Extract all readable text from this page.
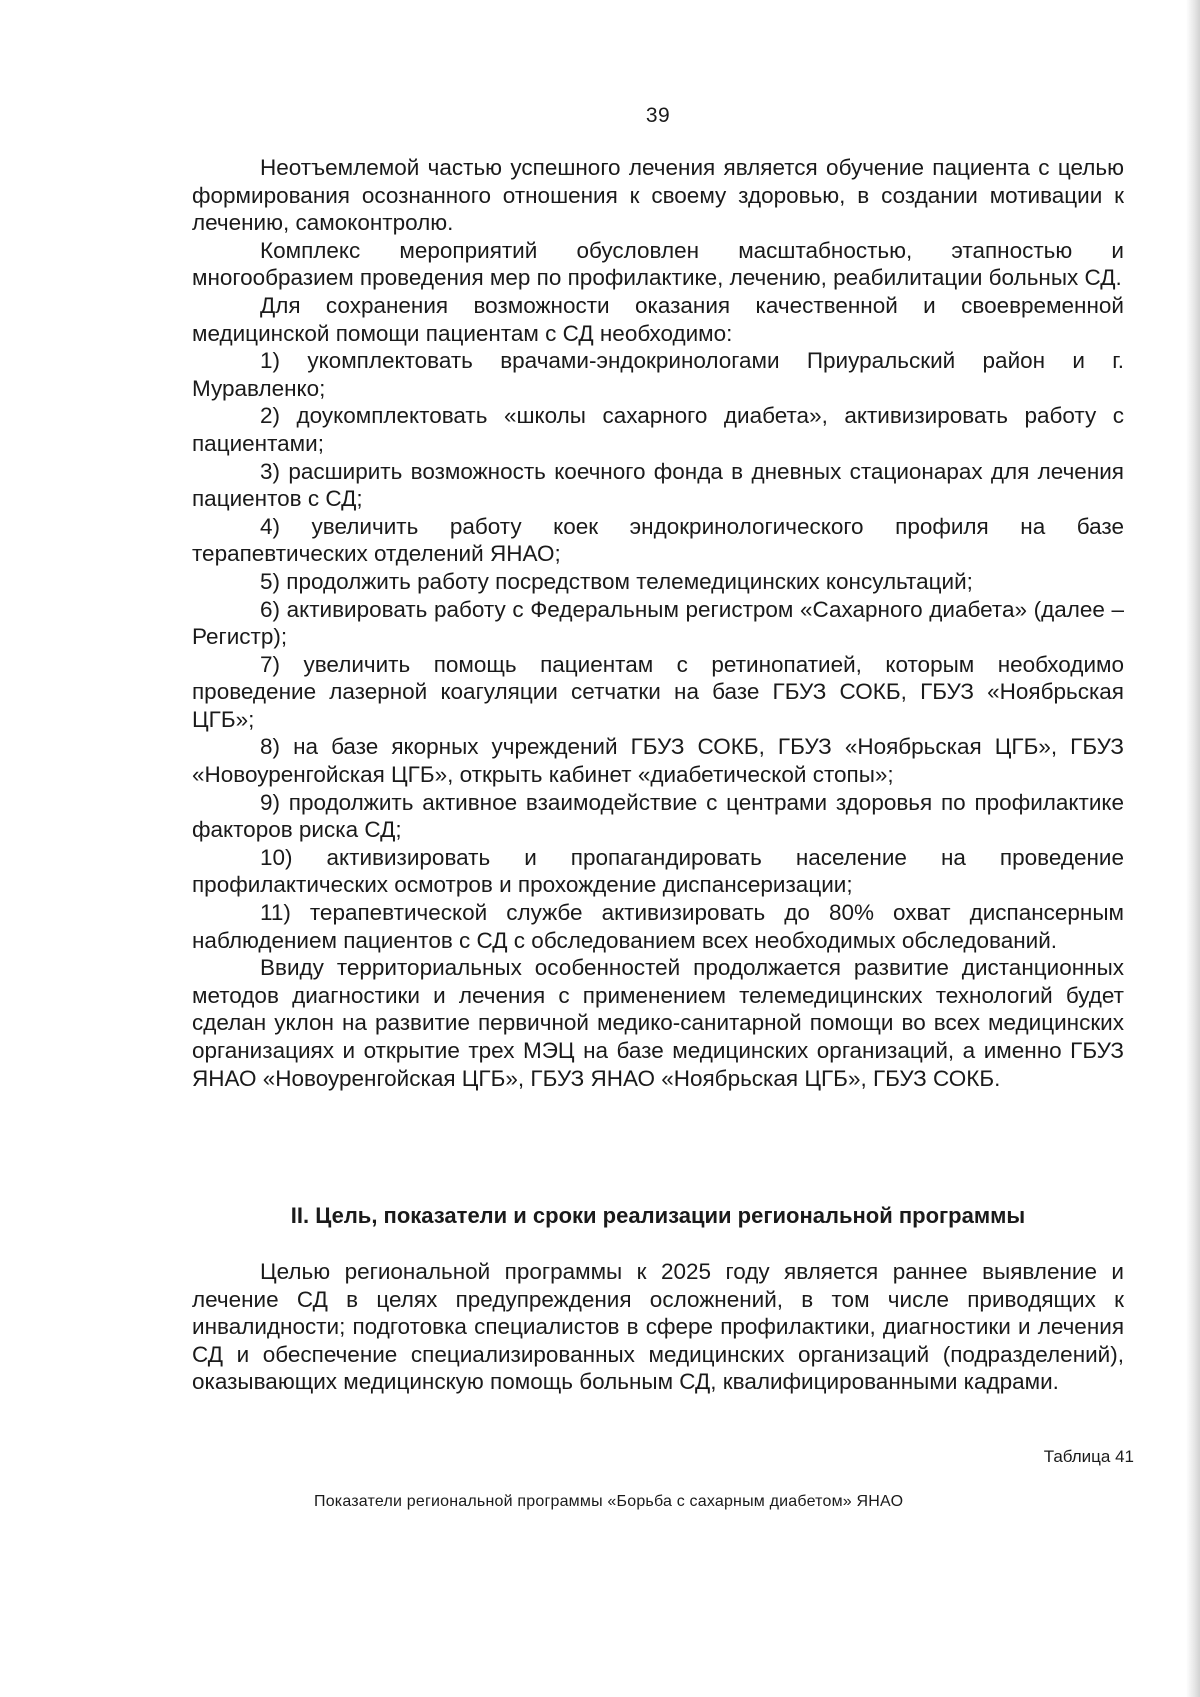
39

Неотъемлемой частью успешного лечения является обучение пациента с целью формирования осознанного отношения к своему здоровью, в создании мотивации к лечению, самоконтролю.

Комплекс мероприятий обусловлен масштабностью, этапностью и многообразием проведения мер по профилактике, лечению, реабилитации больных СД.

Для сохранения возможности оказания качественной и своевременной медицинской помощи пациентам с СД необходимо:

1) укомплектовать врачами-эндокринологами Приуральский район и г. Муравленко;

2) доукомплектовать «школы сахарного диабета», активизировать работу с пациентами;

3) расширить возможность коечного фонда в дневных стационарах для лечения пациентов с СД;

4) увеличить работу коек эндокринологического профиля на базе терапевтических отделений ЯНАО;

5) продолжить работу посредством телемедицинских консультаций;

6) активировать работу с Федеральным регистром «Сахарного диабета» (далее – Регистр);

7) увеличить помощь пациентам с ретинопатией, которым необходимо проведение лазерной коагуляции сетчатки на базе ГБУЗ СОКБ, ГБУЗ «Ноябрьская ЦГБ»;

8) на базе якорных учреждений ГБУЗ СОКБ, ГБУЗ «Ноябрьская ЦГБ», ГБУЗ «Новоуренгойская ЦГБ», открыть кабинет «диабетической стопы»;

9) продолжить активное взаимодействие с центрами здоровья по профилактике факторов риска СД;

10) активизировать и пропагандировать население на проведение профилактических осмотров и прохождение диспансеризации;

11) терапевтической службе активизировать до 80% охват диспансерным наблюдением пациентов с СД с обследованием всех необходимых обследований.

Ввиду территориальных особенностей продолжается развитие дистанционных методов диагностики и лечения с применением телемедицинских технологий будет сделан уклон на развитие первичной медико-санитарной помощи во всех медицинских организациях и открытие трех МЭЦ на базе медицинских организаций, а именно ГБУЗ ЯНАО «Новоуренгойская ЦГБ», ГБУЗ ЯНАО «Ноябрьская ЦГБ», ГБУЗ СОКБ.

II. Цель, показатели и сроки реализации региональной программы

Целью региональной программы к 2025 году является раннее выявление и лечение СД в целях предупреждения осложнений, в том числе приводящих к инвалидности; подготовка специалистов в сфере профилактики, диагностики и лечения СД и обеспечение специализированных медицинских организаций (подразделений), оказывающих медицинскую помощь больным СД, квалифицированными кадрами.

Таблица 41
Показатели региональной программы «Борьба с сахарным диабетом» ЯНАО
